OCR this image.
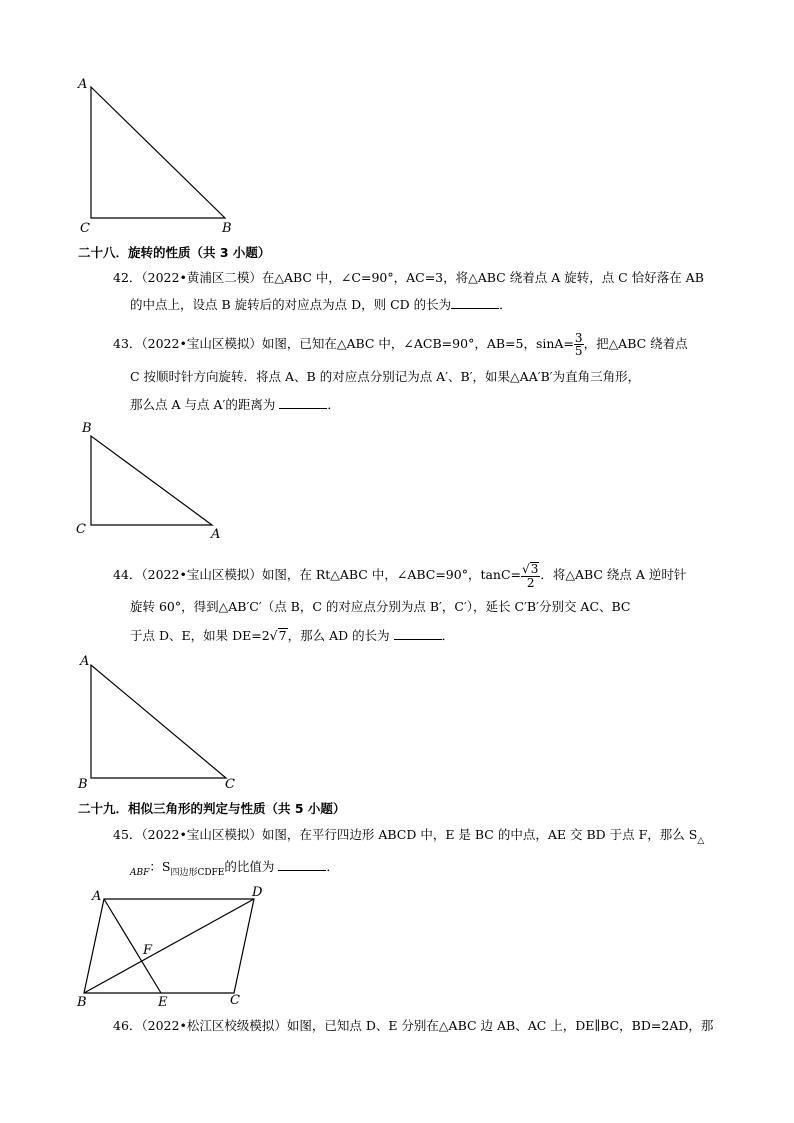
A
C	B
二十八．旋转的性质（共 3 小题）
42．（2022•黄浦区二模）在△ABC 中，∠C=90°，AC=3，将△ABC 绕着点 A 旋转，点 C 恰好落在 AB
的中点上，设点 B 旋转后的对应点为点 D，则 CD 的长为	．
43．（2022•宝山区模拟）如图，已知在△ABC 中，∠ACB=90°，AB=5，$\sin A= \frac{3}{5}$ ，把△ABC 绕着点
C 按顺时针方向旋转．将点 A、B 的对应点分别记为点 A′、B′，如果△AA′B′为直角三角形，
那么点 A 与点 A′的距离为	．
B
C	A
44．（2022•宝山区模拟）如图，在 Rt△ABC 中，∠ABC=90°，$\tan C= \frac{√3}{2}$ ．将△ABC 绕点 A 逆时针
旋转 60°，得到△AB′C′（点 B，C 的对应点分别为点 B′，C′），延长 C′B′分别交 AC、BC
于点 D、E，如果 DE=2√7，那么 AD 的长为	．
A
B	C
二十九．相似三角形的判定与性质（共 5 小题）
45．（2022•宝山区模拟）如图，在平行四边形 ABCD 中，E 是 BC 的中点，AE 交 BD 于点 F，那么 $S_\triangle$
$_{ABF}$：$S_{四边形CDFE}$的比值为	．
A	D
F
B	E	C
46．（2022•松江区校级模拟）如图，已知点 D、E 分别在△ABC 边 AB、AC 上，DE∥BC，BD=2AD，那
